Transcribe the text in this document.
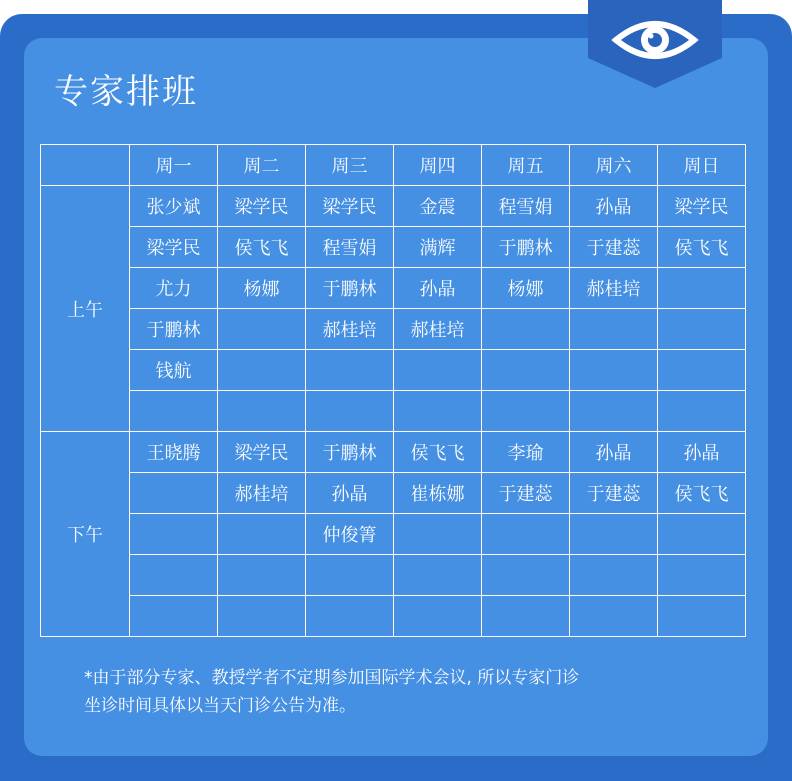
专家排班
	周一	周二	周三	周四	周五	周六	周日
上午	张少斌	梁学民	梁学民	金震	程雪娟	孙晶	梁学民
	梁学民	侯飞飞	程雪娟	满辉	于鹏林	于建蕊	侯飞飞
	尤力	杨娜	于鹏林	孙晶	杨娜	郝桂培	
	于鹏林		郝桂培	郝桂培			
	钱航						

下午	王晓腾	梁学民	于鹏林	侯飞飞	李瑜	孙晶	孙晶
		郝桂培	孙晶	崔栋娜	于建蕊	于建蕊	侯飞飞
			仲俊箐				

*由于部分专家、教授学者不定期参加国际学术会议, 所以专家门诊
坐诊时间具体以当天门诊公告为准。
